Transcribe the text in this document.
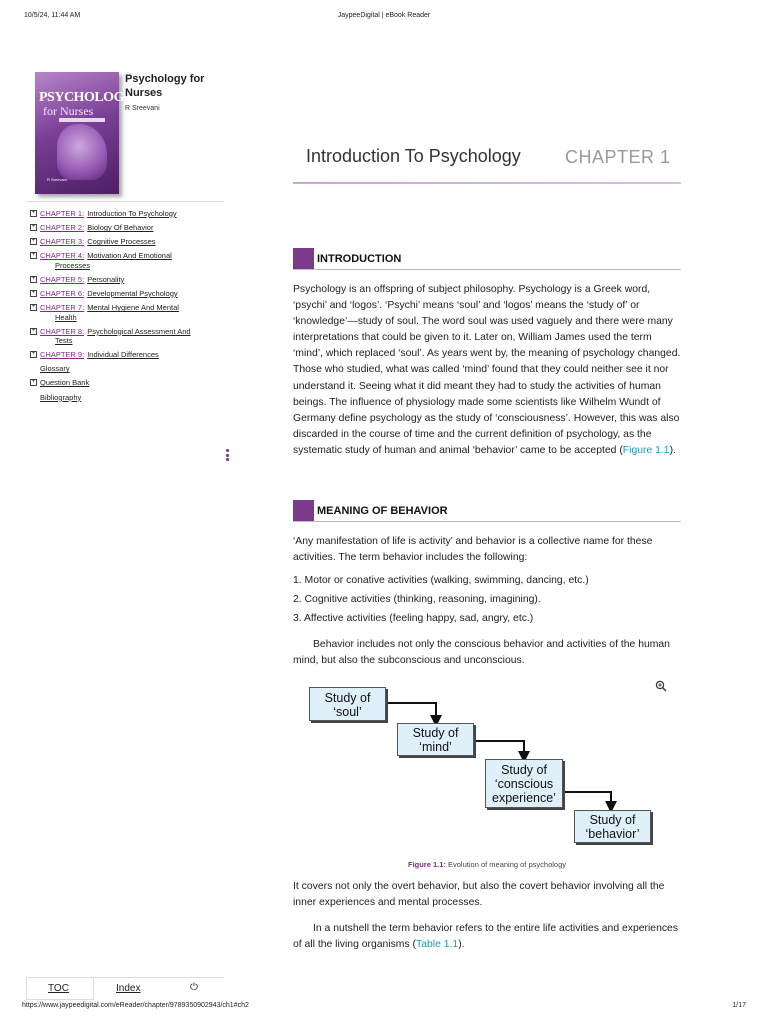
10/5/24, 11:44 AM	JaypeeDigital | eBook Reader
PSYCHOLOGY
for Nurses
R Sreevani
Psychology for
Nurses
R Sreevani
+ CHAPTER 1: Introduction To Psychology
+ CHAPTER 2: Biology Of Behavior
+ CHAPTER 3: Cognitive Processes
+ CHAPTER 4: Motivation And Emotional
Processes
+ CHAPTER 5: Personality
+ CHAPTER 6: Developmental Psychology
+ CHAPTER 7: Mental Hygiene And Mental
Health
+ CHAPTER 8: Psychological Assessment And
Tests
+ CHAPTER 9: Individual Differences
Glossary
+ Question Bank
Bibliography
TOC	Index	⏻
Introduction To Psychology CHAPTER 1
INTRODUCTION
Psychology is an offspring of subject philosophy. Psychology is a Greek word, ‘psychi’ and ‘logos’. ‘Psychi’ means ‘soul’ and ‘logos’ means the ‘study of’ or ‘knowledge’—study of soul. The word soul was used vaguely and there were many interpretations that could be given to it. Later on, William James used the term ‘mind’, which replaced ‘soul’. As years went by, the meaning of psychology changed. Those who studied, what was called ‘mind’ found that they could neither see it nor understand it. Seeing what it did meant they had to study the activities of human beings. The influence of physiology made some scientists like Wilhelm Wundt of Germany define psychology as the study of ‘consciousness’. However, this was also discarded in the course of time and the current definition of psychology, as the systematic study of human and animal ‘behavior’ came to be accepted (Figure 1.1).
MEANING OF BEHAVIOR
‘Any manifestation of life is activity’ and behavior is a collective name for these activities. The term behavior includes the following:
1. Motor or conative activities (walking, swimming, dancing, etc.)
2. Cognitive activities (thinking, reasoning, imagining).
3. Affective activities (feeling happy, sad, angry, etc.)
Behavior includes not only the conscious behavior and activities of the human mind, but also the subconscious and unconscious.
Study of
‘soul’
Study of
‘mind’
Study of
‘conscious
experience’
Study of
‘behavior’
Figure 1.1: Evolution of meaning of psychology
It covers not only the overt behavior, but also the covert behavior involving all the inner experiences and mental processes.
In a nutshell the term behavior refers to the entire life activities and experiences of all the living organisms (Table 1.1).
https://www.jaypeedigital.com/eReader/chapter/9789350902943/ch1#ch2	1/17
